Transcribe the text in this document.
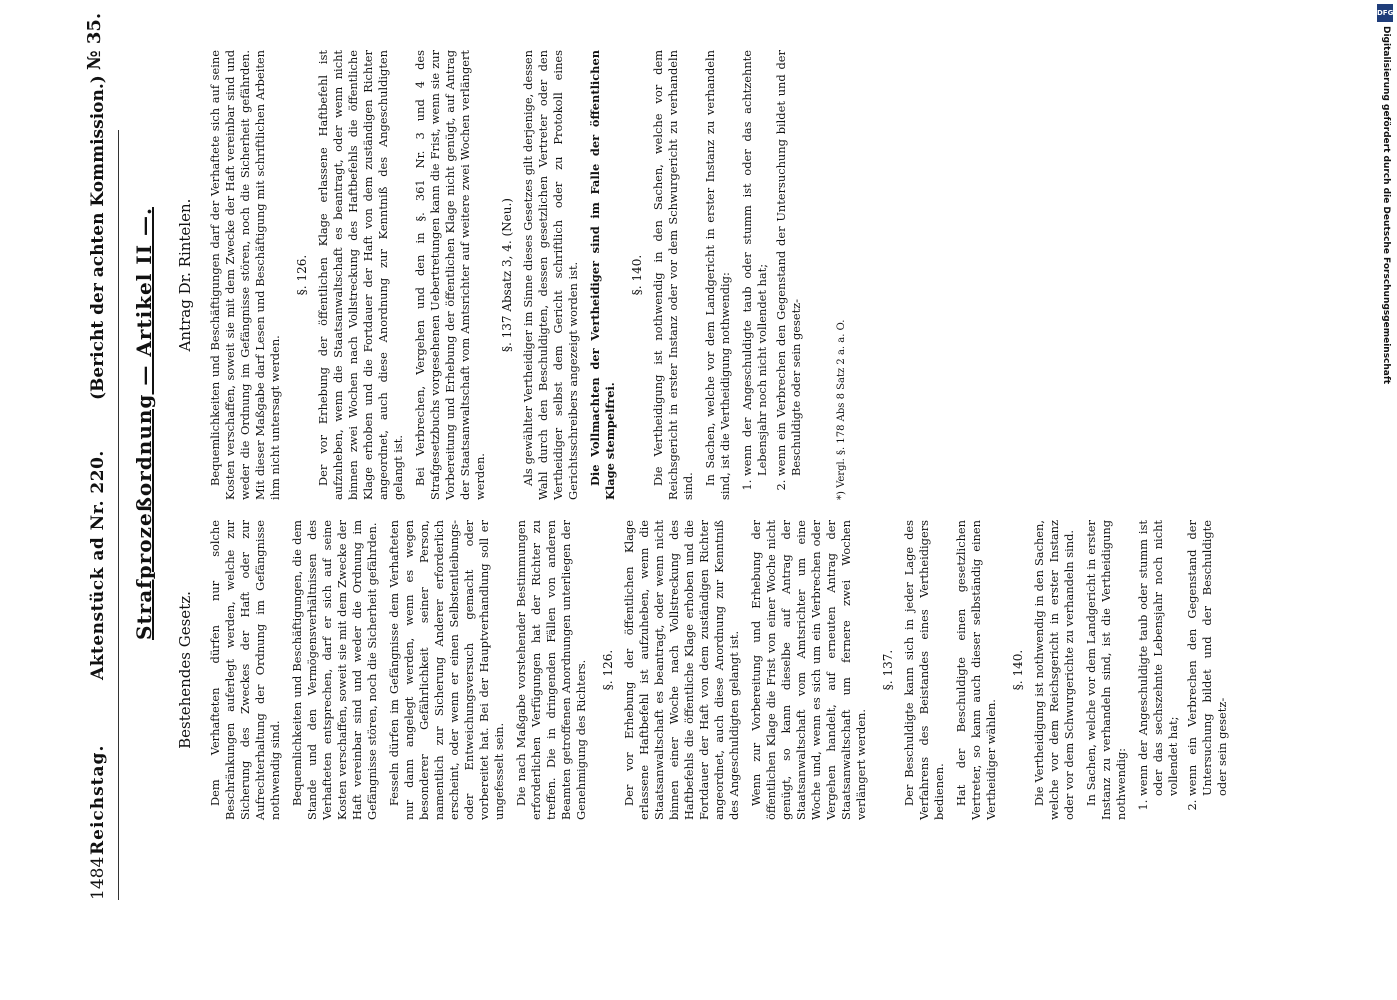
1484
Reichstag.
Aktenstück ad Nr. 220.
(Bericht der achten Kommission.)
№ 35.
Strafprozeßordnung — Artikel II —.
Bestehendes Gesetz. Dem Verhafteten dürfen nur solche Beschränkungen auferlegt werden, welche zur Sicherung des Zweckes der Haft oder zur Aufrechterhaltung der Ordnung im Gefängnisse nothwendig sind. Bequemlichkeiten und Beschäftigungen, die dem Stande und den Vermögensverhältnissen des Verhafteten entsprechen, darf er sich auf seine Kosten verschaffen, soweit sie mit dem Zwecke der Haft vereinbar sind und weder die Ordnung im Gefängnisse stören, noch die Sicherheit gefährden. Fesseln dürfen im Gefängnisse dem Verhafteten nur dann angelegt werden, wenn es wegen besonderer Gefährlichkeit seiner Person, namentlich zur Sicherung Anderer erforderlich erscheint, oder wenn er einen Selbstentleibungs- oder Entweichungsversuch gemacht oder vorbereitet hat. Bei der Hauptverhandlung soll er ungefesselt sein. Die nach Maßgabe vorstehender Bestimmungen erforderlichen Verfügungen hat der Richter zu treffen. Die in dringenden Fällen von anderen Beamten getroffenen Anordnungen unterliegen der Genehmigung des Richters. §. 126. Der vor Erhebung der öffentlichen Klage erlassene Haftbefehl ist aufzuheben, wenn die Staatsanwaltschaft es beantragt, oder wenn nicht binnen einer Woche nach Vollstreckung des Haftbefehls die öffentliche Klage erhoben und die Fortdauer der Haft von dem zuständigen Richter angeordnet, auch diese Anordnung zur Kenntniß des Angeschuldigten gelangt ist. Wenn zur Vorbereitung und Erhebung der öffentlichen Klage die Frist von einer Woche nicht genügt, so kann dieselbe auf Antrag der Staatsanwaltschaft vom Amtsrichter um eine Woche und, wenn es sich um ein Verbrechen oder Vergehen handelt, auf erneuten Antrag der Staatsanwaltschaft um fernere zwei Wochen verlängert werden.

§. 137. Der Beschuldigte kann sich in jeder Lage des Verfahrens des Beistandes eines Vertheidigers bedienen. Hat der Beschuldigte einen gesetzlichen Vertreter, so kann auch dieser selbständig einen Vertheidiger wählen.

§. 140. Die Vertheidigung ist nothwendig in den Sachen, welche vor dem Reichsgericht in erster Instanz oder vor dem Schwurgerichte zu verhandeln sind. In Sachen, welche vor dem Landgericht in erster Instanz zu verhandeln sind, ist die Vertheidigung nothwendig: 1. wenn der Angeschuldigte taub oder stumm ist oder das sechszehnte Lebensjahr noch nicht vollendet hat; 2. wenn ein Verbrechen den Gegenstand der Untersuchung bildet und der Beschuldigte oder sein gesetz-
Antrag Dr. Rintelen. Bequemlichkeiten und Beschäftigungen darf der Verhaftete sich auf seine Kosten verschaffen, soweit sie mit dem Zwecke der Haft vereinbar sind und weder die Ordnung im Gefängnisse stören, noch die Sicherheit gefährden. Mit dieser Maßgabe darf Lesen und Beschäftigung mit schriftlichen Arbeiten ihm nicht untersagt werden.

§. 126. Der vor Erhebung der öffentlichen Klage erlassene Haftbefehl ist aufzuheben, wenn die Staatsanwaltschaft es beantragt, oder wenn nicht binnen zwei Wochen nach Vollstreckung des Haftbefehls die öffentliche Klage erhoben und die Fortdauer der Haft von dem zuständigen Richter angeordnet, auch diese Anordnung zur Kenntniß des Angeschuldigten gelangt ist. Bei Verbrechen, Vergehen und den in §. 361 Nr. 3 und 4 des Strafgesetzbuchs vorgesehenen Uebertretungen kann die Frist, wenn sie zur Vorbereitung und Erhebung der öffentlichen Klage nicht genügt, auf Antrag der Staatsanwaltschaft vom Amtsrichter auf weitere zwei Wochen verlängert werden.

§. 137 Absatz 3, 4. (Neu.) Als gewählter Vertheidiger im Sinne dieses Gesetzes gilt derjenige, dessen Wahl durch den Beschuldigten, dessen gesetzlichen Vertreter oder den Vertheidiger selbst dem Gericht schriftlich oder zu Protokoll eines Gerichtsschreibers angezeigt worden ist. Die Vollmachten der Vertheidiger sind im Falle der öffentlichen Klage stempelfrei.

§. 140. Die Vertheidigung ist nothwendig in den Sachen, welche vor dem Reichsgericht in erster Instanz oder vor dem Schwurgericht zu verhandeln sind.

In Sachen, welche vor dem Landgericht in erster Instanz zu verhandeln sind, ist die Vertheidigung nothwendig: 1. wenn der Angeschuldigte taub oder stumm ist oder das achtzehnte Lebensjahr noch nicht vollendet hat; 2. wenn ein Verbrechen den Gegenstand der Untersuchung bildet und der Beschuldigte oder sein gesetz-	*) Vergl. §. 178 Abs 8 Satz 2 a. a. O.

DFG
Digitalisierung gefördert durch die Deutsche Forschungsgemeinschaft
